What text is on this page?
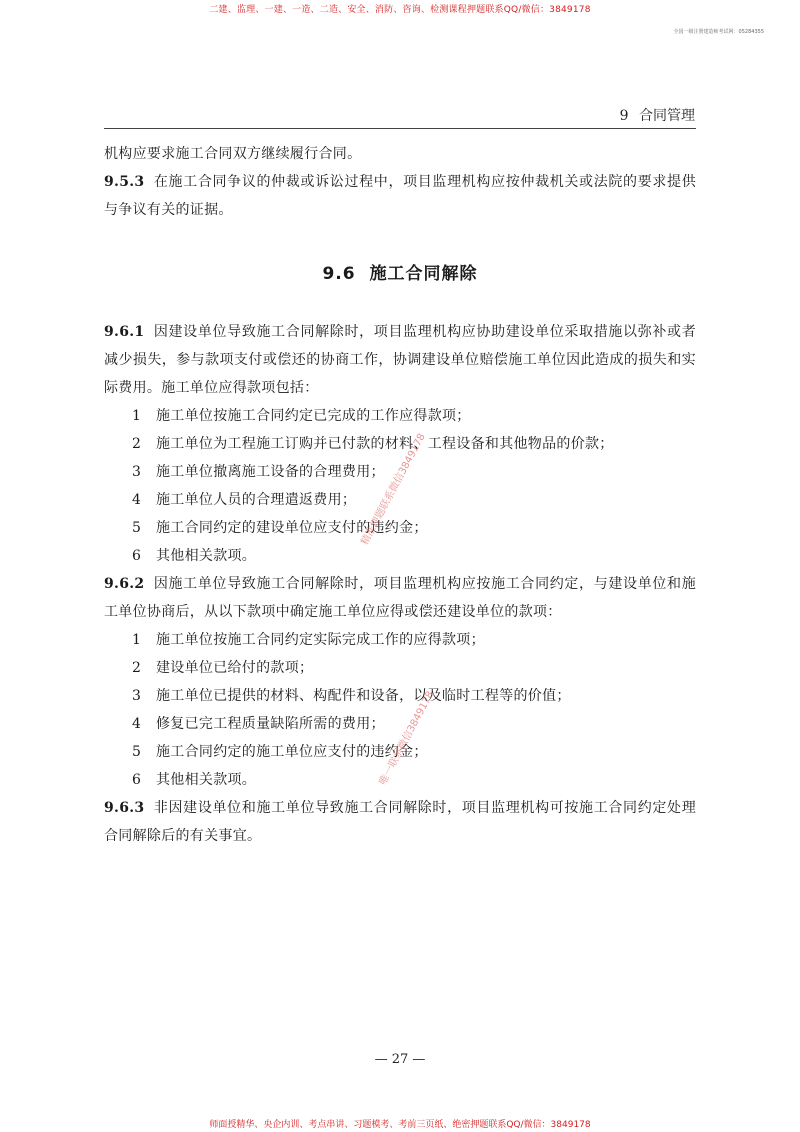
二建、监理、一建、一造、二造、安全、消防、咨询、检测课程押题联系QQ/微信：3849178
全国一级注册建造师考试网：05284355
9 合同管理

机构应要求施工合同双方继续履行合同。

9.5.3 在施工合同争议的仲裁或诉讼过程中，项目监理机构应按仲裁机关或法院的要求提供与争议有关的证据。

9.6 施工合同解除

9.6.1 因建设单位导致施工合同解除时，项目监理机构应协助建设单位采取措施以弥补或者减少损失，参与款项支付或偿还的协商工作，协调建设单位赔偿施工单位因此造成的损失和实际费用。施工单位应得款项包括：

1 施工单位按施工合同约定已完成的工作应得款项；

2 施工单位为工程施工订购并已付款的材料、工程设备和其他物品的价款；

3 施工单位撤离施工设备的合理费用；

4 施工单位人员的合理遣返费用；

5 施工合同约定的建设单位应支付的违约金；

6 其他相关款项。

9.6.2 因施工单位导致施工合同解除时，项目监理机构应按施工合同约定，与建设单位和施工单位协商后，从以下款项中确定施工单位应得或偿还建设单位的款项：

1 施工单位按施工合同约定实际完成工作的应得款项；

2 建设单位已给付的款项；

3 施工单位已提供的材料、构配件和设备，以及临时工程等的价值；

4 修复已完工程质量缺陷所需的费用；

5 施工合同约定的施工单位应支付的违约金；

6 其他相关款项。

9.6.3 非因建设单位和施工单位导致施工合同解除时，项目监理机构可按施工合同约定处理合同解除后的有关事宜。

精准押题联系微信3849178
唯一联系微信3849178
— 27 —
师面授精华、央企内训、考点串讲、习题模考、考前三页纸、绝密押题联系QQ/微信：3849178
